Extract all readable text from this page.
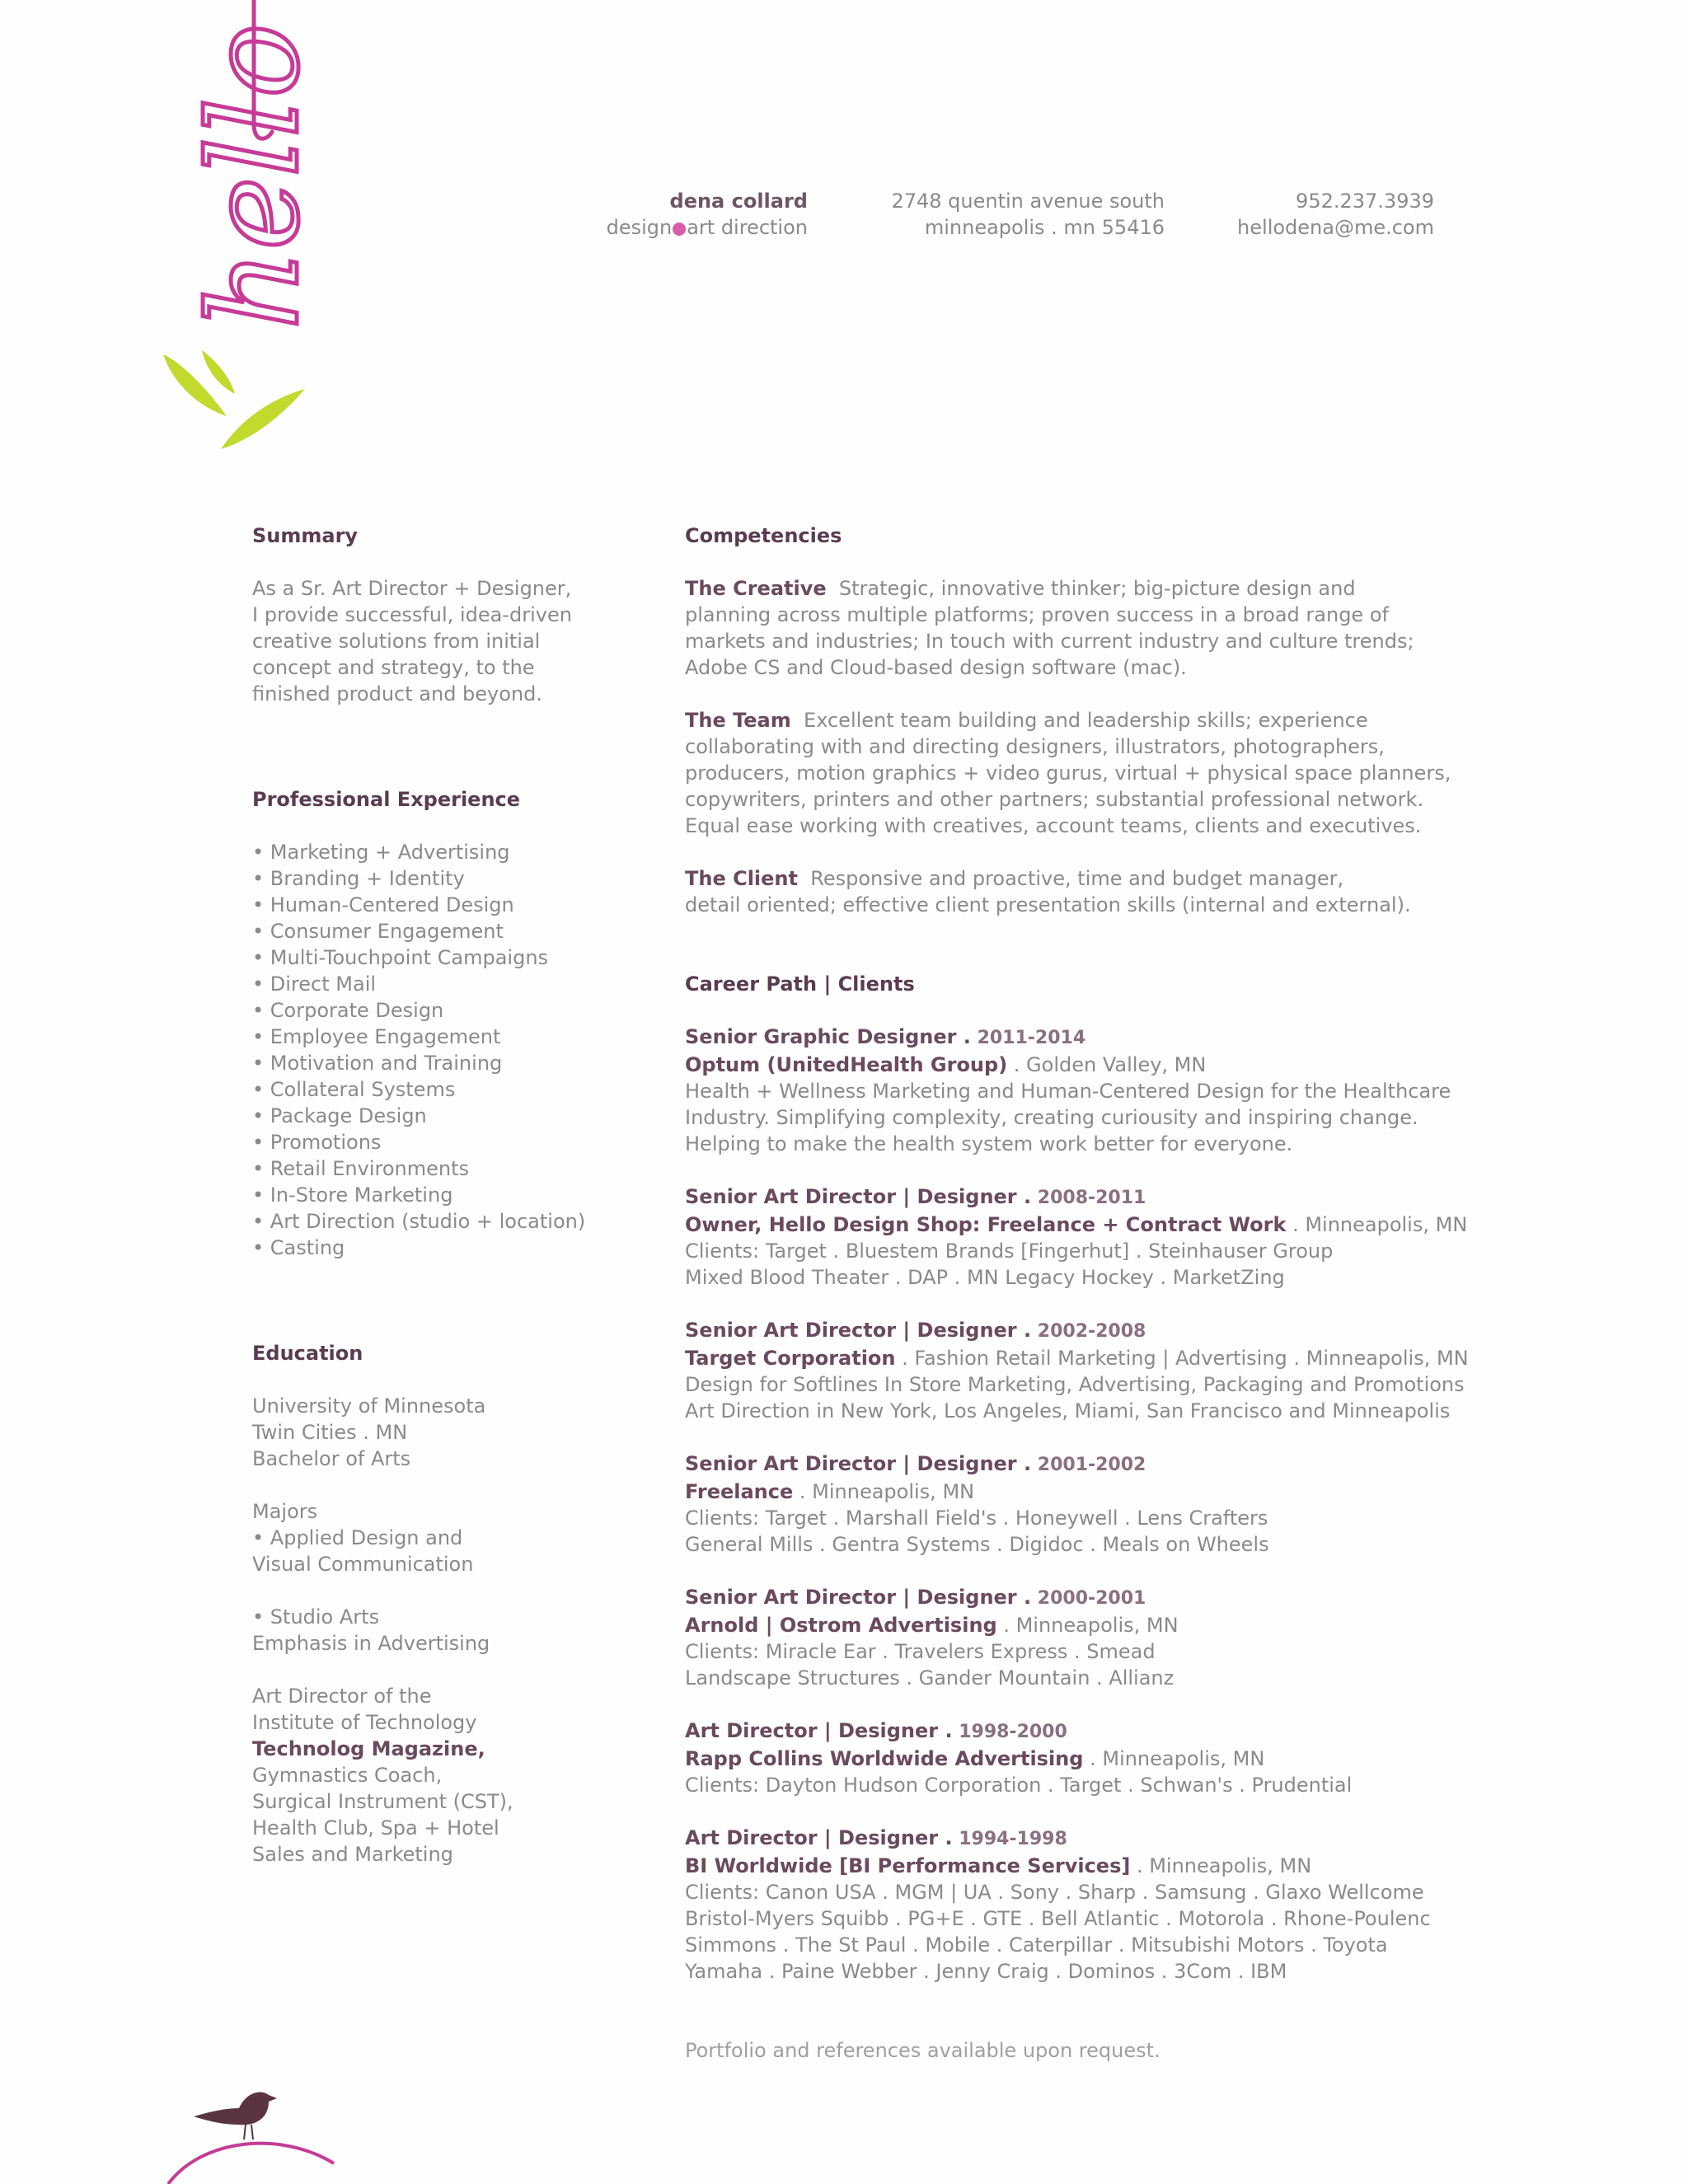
hello	dena collard
design art direction
2748 quentin avenue south
minneapolis . mn 55416
952.237.3939
hellodena@me.com
Summary
As a Sr. Art Director + Designer,
I provide successful, idea-driven
creative solutions from initial
concept and strategy, to the
finished product and beyond.
Professional Experience
• Marketing + Advertising
• Branding + Identity
• Human-Centered Design
• Consumer Engagement
• Multi-Touchpoint Campaigns
• Direct Mail
• Corporate Design
• Employee Engagement
• Motivation and Training
• Collateral Systems
• Package Design
• Promotions
• Retail Environments
• In-Store Marketing
• Art Direction (studio + location)
• Casting
Education
University of Minnesota
Twin Cities . MN
Bachelor of Arts
Majors
• Applied Design and
Visual Communication
• Studio Arts
Emphasis in Advertising
Art Director of the
Institute of Technology
Technolog Magazine,
Gymnastics Coach,
Surgical Instrument (CST),
Health Club, Spa + Hotel
Sales and Marketing
Competencies
The Creative Strategic, innovative thinker; big-picture design and
planning across multiple platforms; proven success in a broad range of
markets and industries; In touch with current industry and culture trends;
Adobe CS and Cloud-based design software (mac).
The Team Excellent team building and leadership skills; experience
collaborating with and directing designers, illustrators, photographers,
producers, motion graphics + video gurus, virtual + physical space planners,
copywriters, printers and other partners; substantial professional network.
Equal ease working with creatives, account teams, clients and executives.
The Client Responsive and proactive, time and budget manager,
detail oriented; effective client presentation skills (internal and external).
Career Path | Clients
Senior Graphic Designer . 2011-2014
Optum (UnitedHealth Group) . Golden Valley, MN
Health + Wellness Marketing and Human-Centered Design for the Healthcare
Industry. Simplifying complexity, creating curiousity and inspiring change.
Helping to make the health system work better for everyone.
Senior Art Director | Designer . 2008-2011
Owner, Hello Design Shop: Freelance + Contract Work . Minneapolis, MN
Clients: Target . Bluestem Brands [Fingerhut] . Steinhauser Group
Mixed Blood Theater . DAP . MN Legacy Hockey . MarketZing
Senior Art Director | Designer . 2002-2008
Target Corporation . Fashion Retail Marketing | Advertising . Minneapolis, MN
Design for Softlines In Store Marketing, Advertising, Packaging and Promotions
Art Direction in New York, Los Angeles, Miami, San Francisco and Minneapolis
Senior Art Director | Designer . 2001-2002
Freelance . Minneapolis, MN
Clients: Target . Marshall Field's . Honeywell . Lens Crafters
General Mills . Gentra Systems . Digidoc . Meals on Wheels
Senior Art Director | Designer . 2000-2001
Arnold | Ostrom Advertising . Minneapolis, MN
Clients: Miracle Ear . Travelers Express . Smead
Landscape Structures . Gander Mountain . Allianz
Art Director | Designer . 1998-2000
Rapp Collins Worldwide Advertising . Minneapolis, MN
Clients: Dayton Hudson Corporation . Target . Schwan's . Prudential
Art Director | Designer . 1994-1998
BI Worldwide [BI Performance Services] . Minneapolis, MN
Clients: Canon USA . MGM | UA . Sony . Sharp . Samsung . Glaxo Wellcome
Bristol-Myers Squibb . PG+E . GTE . Bell Atlantic . Motorola . Rhone-Poulenc
Simmons . The St Paul . Mobile . Caterpillar . Mitsubishi Motors . Toyota
Yamaha . Paine Webber . Jenny Craig . Dominos . 3Com . IBM
Portfolio and references available upon request.
